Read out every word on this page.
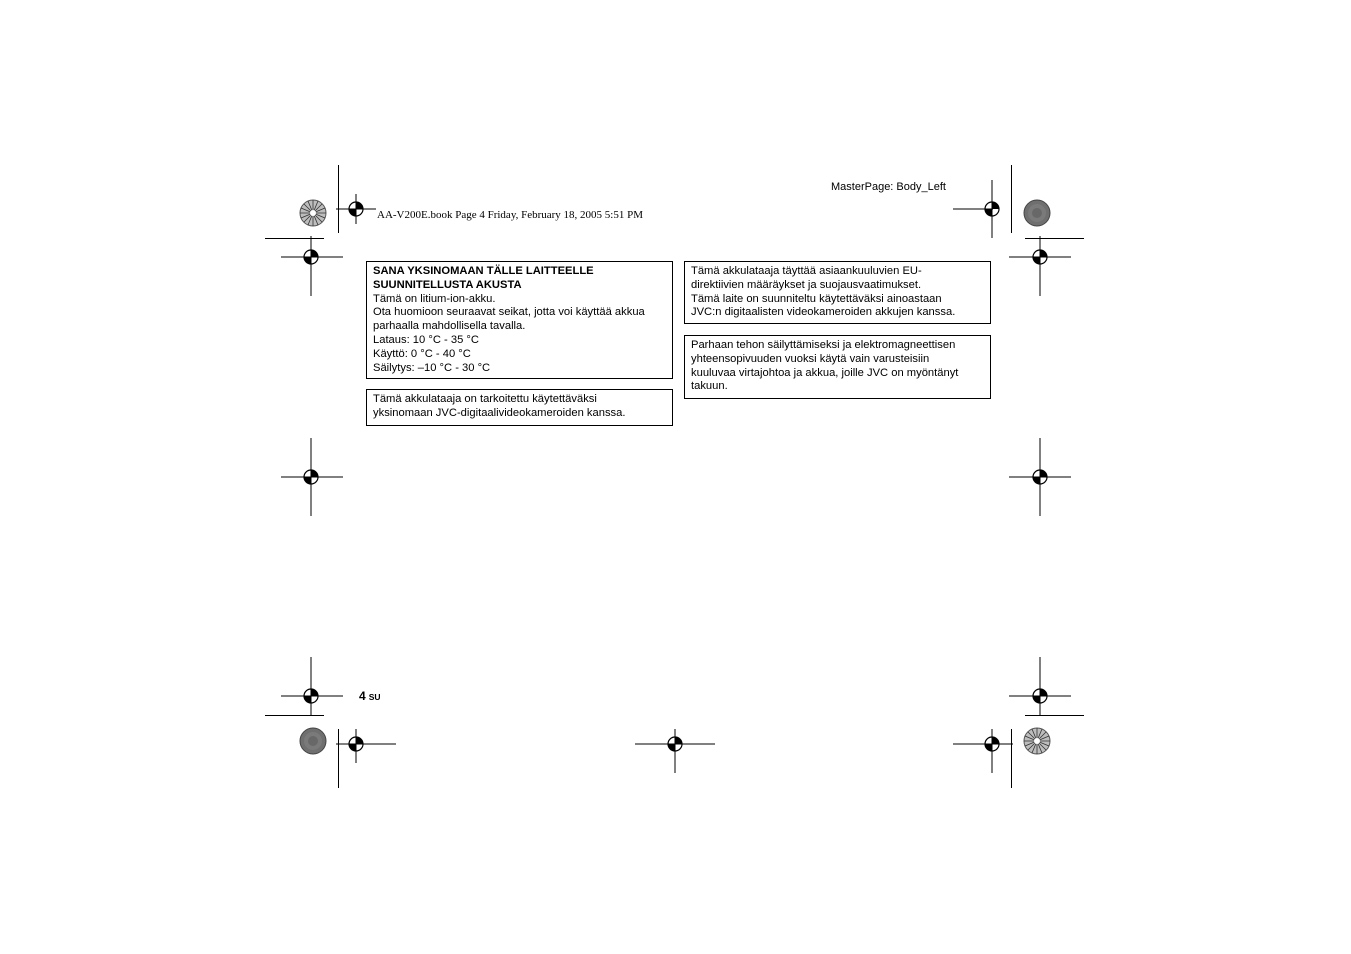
MasterPage: Body_Left
AA-V200E.book Page 4 Friday, February 18, 2005 5:51 PM
SANA YKSINOMAAN TÄLLE LAITTEELLE
SUUNNITELLUSTA AKUSTA
Tämä on litium-ion-akku.
Ota huomioon seuraavat seikat, jotta voi käyttää akkua
parhaalla mahdollisella tavalla.
Lataus: 10 °C - 35 °C
Käyttö: 0 °C - 40 °C
Säilytys: –10 °C - 30 °C
Tämä akkulataaja on tarkoitettu käytettäväksi
yksinomaan JVC-digitaalivideokameroiden kanssa.
Tämä akkulataaja täyttää asiaankuuluvien EU-
direktiivien määräykset ja suojausvaatimukset.
Tämä laite on suunniteltu käytettäväksi ainoastaan
JVC:n digitaalisten videokameroiden akkujen kanssa.
Parhaan tehon säilyttämiseksi ja elektromagneettisen
yhteensopivuuden vuoksi käytä vain varusteisiin
kuuluvaa virtajohtoa ja akkua, joille JVC on myöntänyt
takuun.
4 SU
